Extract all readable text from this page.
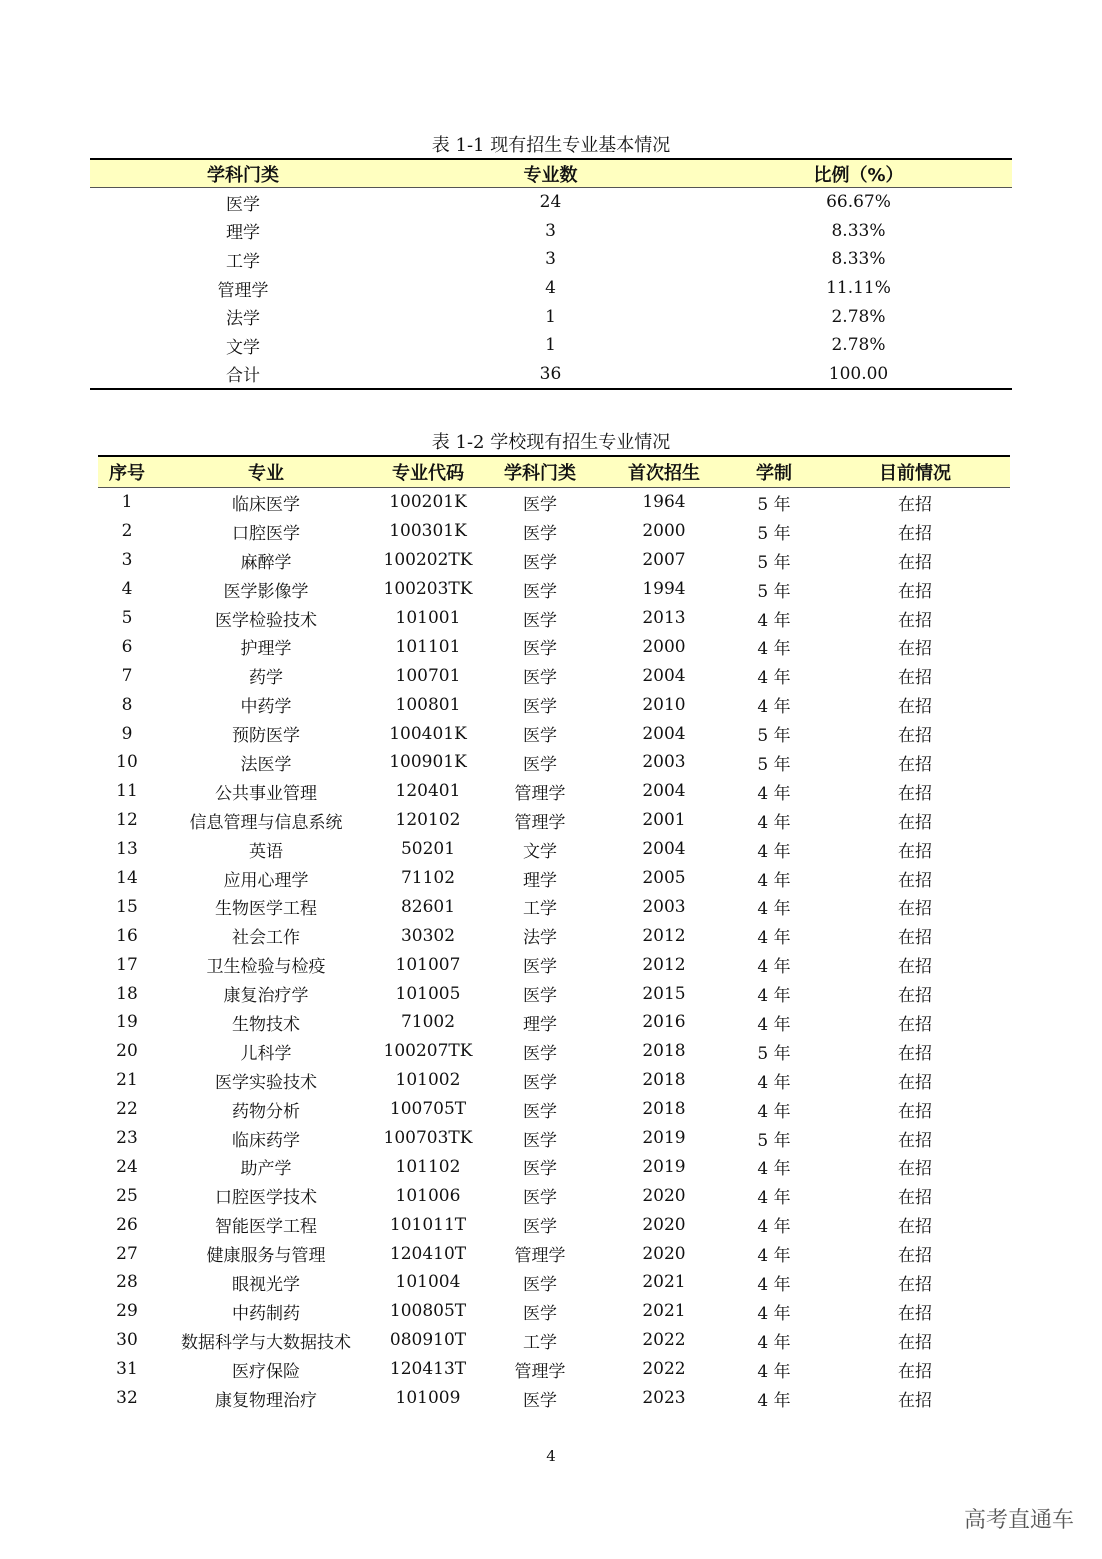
表 1-1 现有招生专业基本情况
学科门类	专业数	比例（%）
医学	24	66.67%
理学	3	8.33%
工学	3	8.33%
管理学	4	11.11%
法学	1	2.78%
文学	1	2.78%
合计	36	100.00
表 1-2 学校现有招生专业情况
序号	专业	专业代码	学科门类	首次招生	学制	目前情况
1	临床医学	100201K	医学	1964	5 年	在招
2	口腔医学	100301K	医学	2000	5 年	在招
3	麻醉学	100202TK	医学	2007	5 年	在招
4	医学影像学	100203TK	医学	1994	5 年	在招
5	医学检验技术	101001	医学	2013	4 年	在招
6	护理学	101101	医学	2000	4 年	在招
7	药学	100701	医学	2004	4 年	在招
8	中药学	100801	医学	2010	4 年	在招
9	预防医学	100401K	医学	2004	5 年	在招
10	法医学	100901K	医学	2003	5 年	在招
11	公共事业管理	120401	管理学	2004	4 年	在招
12	信息管理与信息系统	120102	管理学	2001	4 年	在招
13	英语	50201	文学	2004	4 年	在招
14	应用心理学	71102	理学	2005	4 年	在招
15	生物医学工程	82601	工学	2003	4 年	在招
16	社会工作	30302	法学	2012	4 年	在招
17	卫生检验与检疫	101007	医学	2012	4 年	在招
18	康复治疗学	101005	医学	2015	4 年	在招
19	生物技术	71002	理学	2016	4 年	在招
20	儿科学	100207TK	医学	2018	5 年	在招
21	医学实验技术	101002	医学	2018	4 年	在招
22	药物分析	100705T	医学	2018	4 年	在招
23	临床药学	100703TK	医学	2019	5 年	在招
24	助产学	101102	医学	2019	4 年	在招
25	口腔医学技术	101006	医学	2020	4 年	在招
26	智能医学工程	101011T	医学	2020	4 年	在招
27	健康服务与管理	120410T	管理学	2020	4 年	在招
28	眼视光学	101004	医学	2021	4 年	在招
29	中药制药	100805T	医学	2021	4 年	在招
30	数据科学与大数据技术	080910T	工学	2022	4 年	在招
31	医疗保险	120413T	管理学	2022	4 年	在招
32	康复物理治疗	101009	医学	2023	4 年	在招
4
高考直通车
